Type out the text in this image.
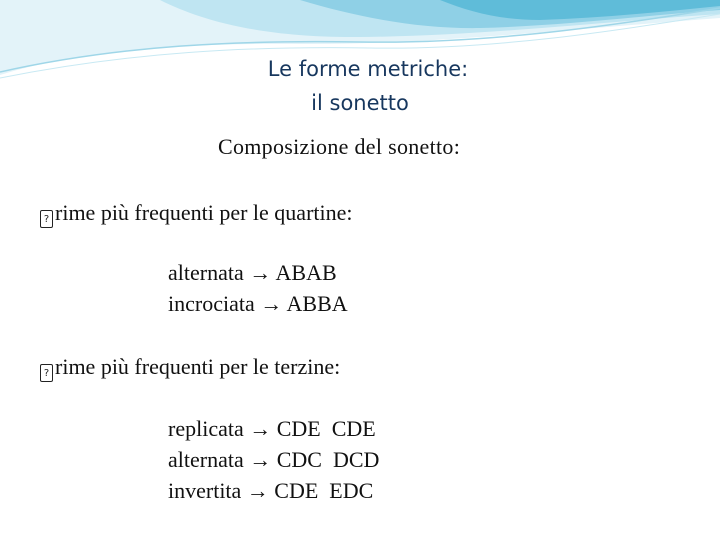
Le forme metriche:
il sonetto
Composizione del sonetto:
? rime più frequenti per le quartine:
alternata → ABAB
incrociata → ABBA
? rime più frequenti per le terzine:
replicata → CDE  CDE
alternata → CDC  DCD
invertita → CDE  EDC
